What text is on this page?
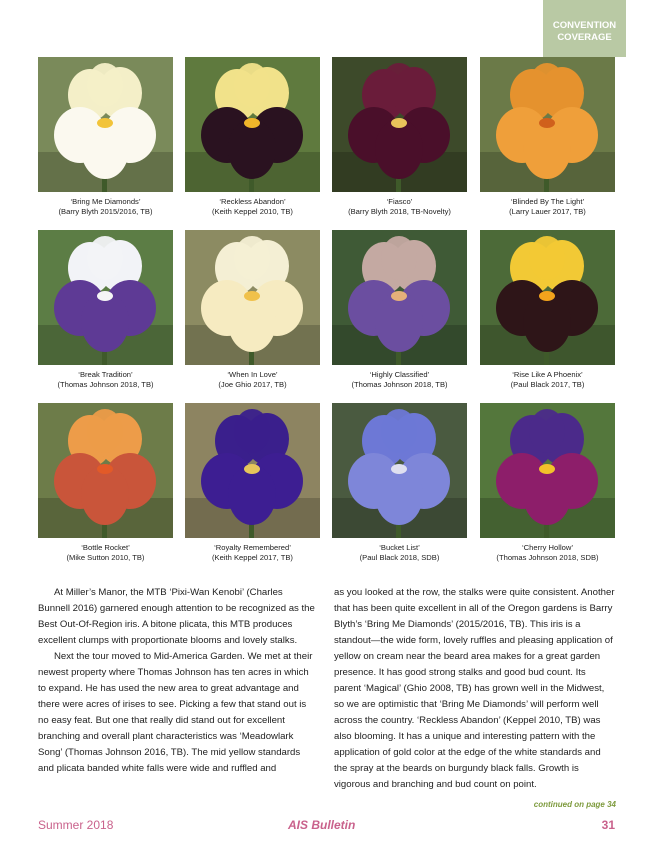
CONVENTION COVERAGE
‘Bring Me Diamonds’
(Barry Blyth 2015/2016, TB)
‘Reckless Abandon’
(Keith Keppel 2010, TB)
‘Fiasco’
(Barry Blyth 2018, TB-Novelty)
‘Blinded By The Light’
(Larry Lauer 2017, TB)
‘Break Tradition’
(Thomas Johnson 2018, TB)
‘When In Love’
(Joe Ghio 2017, TB)
‘Highly Classified’
(Thomas Johnson 2018, TB)
‘Rise Like A Phoenix’
(Paul Black 2017, TB)
‘Bottle Rocket’
(Mike Sutton 2010, TB)
‘Royalty Remembered’
(Keith Keppel 2017, TB)
‘Bucket List’
(Paul Black 2018, SDB)
‘Cherry Hollow’
(Thomas Johnson 2018, SDB)

At Miller’s Manor, the MTB ‘Pixi-Wan Kenobi’ (Charles Bunnell 2016) garnered enough attention to be recognized as the Best Out-Of-Region iris. A bitone plicata, this MTB produces excellent clumps with proportionate blooms and lovely stalks.

Next the tour moved to Mid-America Garden. We met at their newest property where Thomas Johnson has ten acres in which to expand. He has used the new area to great advantage and there were acres of irises to see. Picking a few that stand out is no easy feat. But one that really did stand out for excellent branching and overall plant characteristics was ‘Meadowlark Song’ (Thomas Johnson 2016, TB). The mid yellow standards and plicata banded white falls were wide and ruffled and

as you looked at the row, the stalks were quite consistent. Another that has been quite excellent in all of the Oregon gardens is Barry Blyth’s ‘Bring Me Diamonds’ (2015/2016, TB). This iris is a standout—the wide form, lovely ruffles and pleasing application of yellow on cream near the beard area makes for a great garden presence. It has good strong stalks and good bud count. Its parent ‘Magical’ (Ghio 2008, TB) has grown well in the Midwest, so we are optimistic that ‘Bring Me Diamonds’ will perform well across the country. ‘Reckless Abandon’ (Keppel 2010, TB) was also blooming. It has a unique and interesting pattern with the application of gold color at the edge of the white standards and the spray at the beards on burgundy black falls. Growth is vigorous and branching and bud count on point.

continued on page 34
Summer 2018	AIS Bulletin	31
